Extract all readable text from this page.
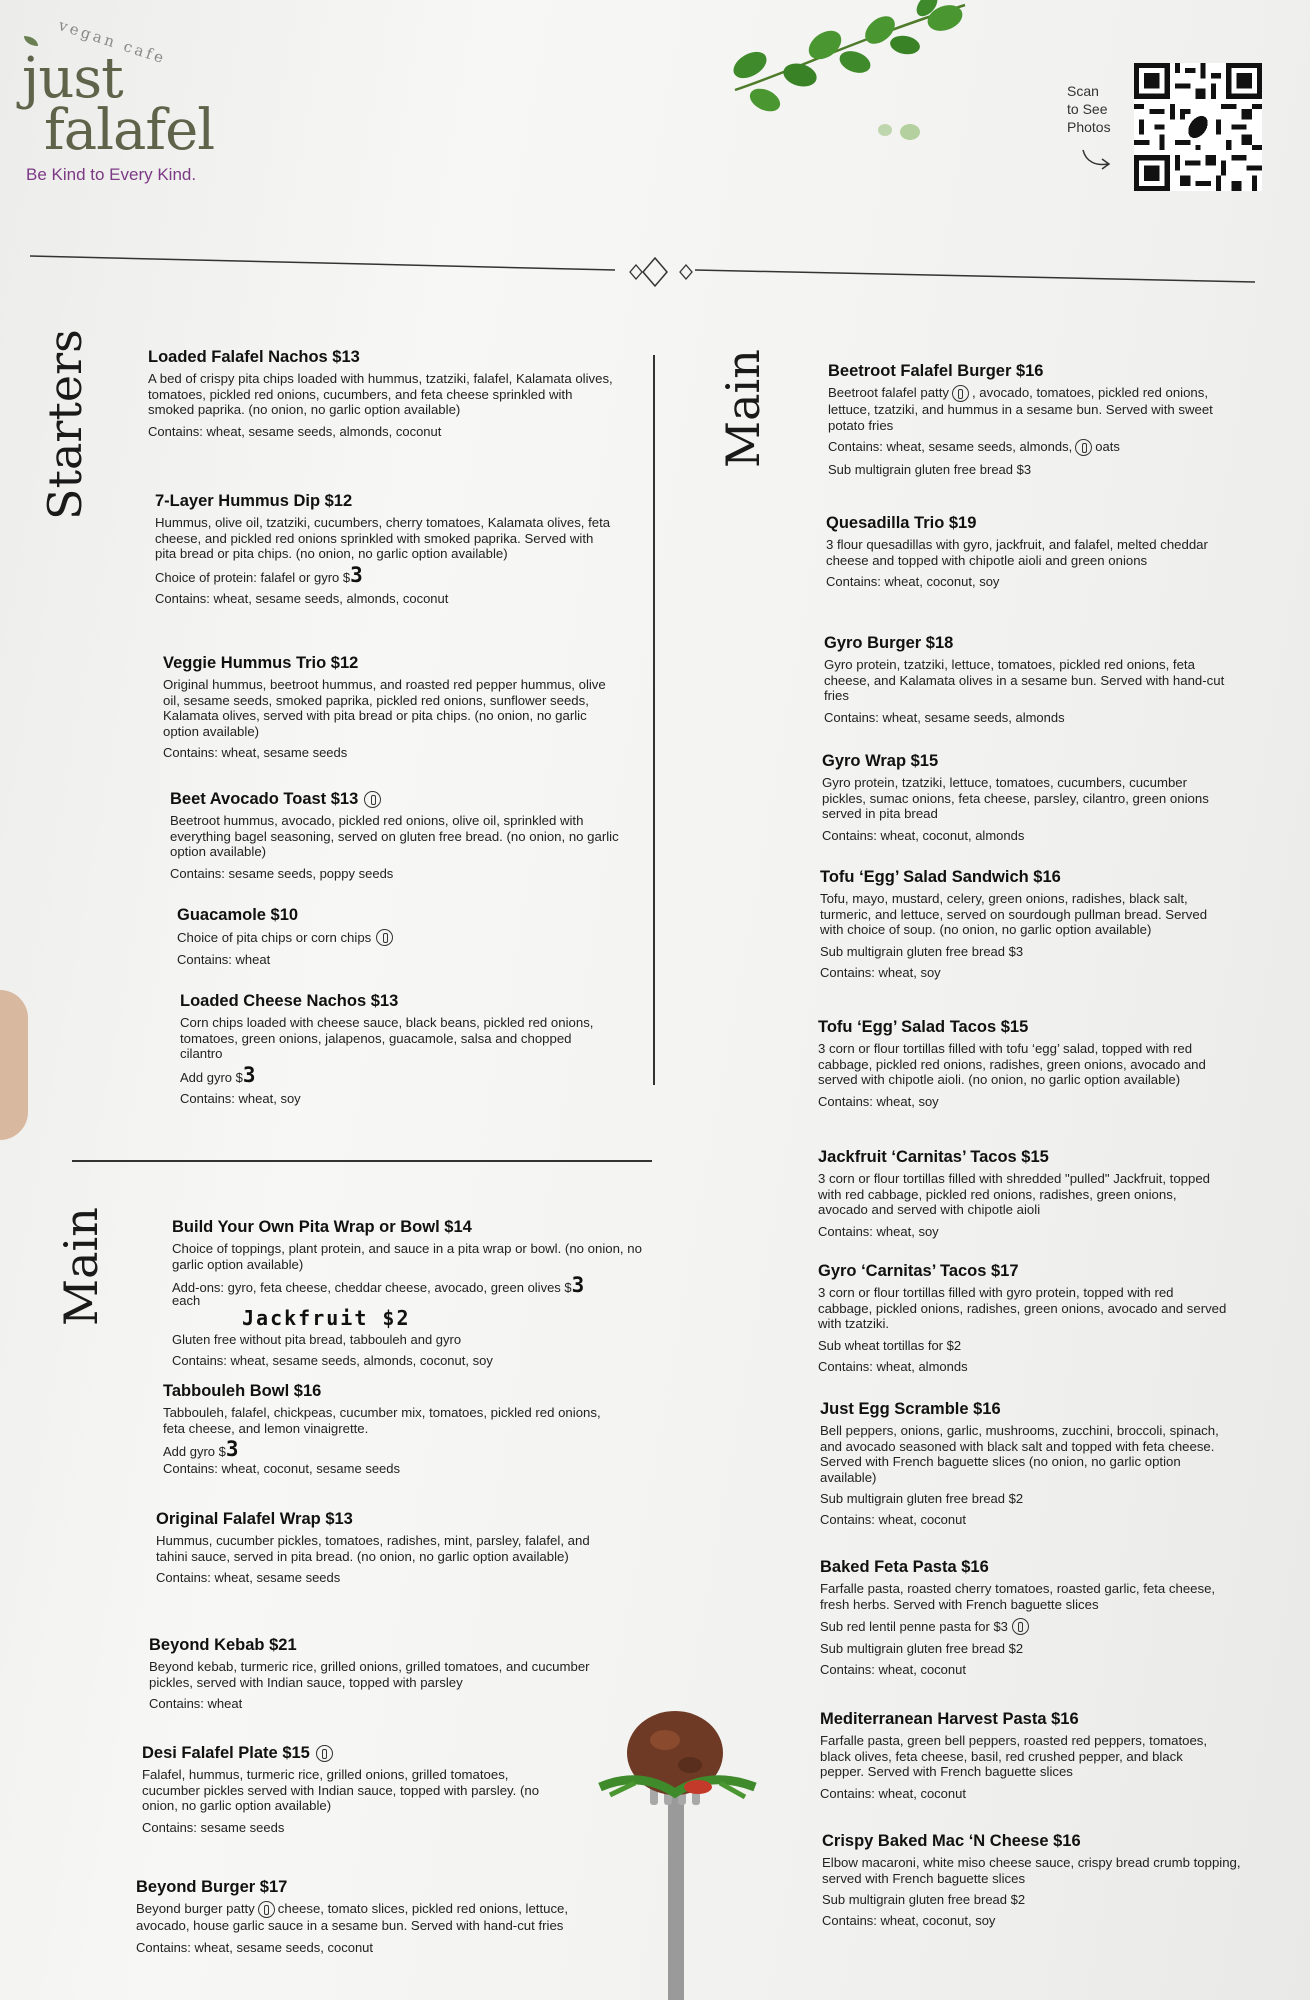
vegan cafe
just
falafel
Be Kind to Every Kind.
Scan
to See
Photos
Starters	Main
Main
Loaded Falafel Nachos $13
A bed of crispy pita chips loaded with hummus, tzatziki, falafel, Kalamata olives, tomatoes, pickled red onions, cucumbers, and feta cheese sprinkled with smoked paprika. (no onion, no garlic option available)
Contains: wheat, sesame seeds, almonds, coconut
7-Layer Hummus Dip $12
Hummus, olive oil, tzatziki, cucumbers, cherry tomatoes, Kalamata olives, feta cheese, and pickled red onions sprinkled with smoked paprika. Served with pita bread or pita chips. (no onion, no garlic option available)
Choice of protein: falafel or gyro $3
Contains: wheat, sesame seeds, almonds, coconut
Veggie Hummus Trio $12
Original hummus, beetroot hummus, and roasted red pepper hummus, olive oil, sesame seeds, smoked paprika, pickled red onions, sunflower seeds, Kalamata olives, served with pita bread or pita chips. (no onion, no garlic option available)
Contains: wheat, sesame seeds
Beet Avocado Toast $13
Beetroot hummus, avocado, pickled red onions, olive oil, sprinkled with everything bagel seasoning, served on gluten free bread. (no onion, no garlic option available)
Contains: sesame seeds, poppy seeds
Guacamole $10
Choice of pita chips or corn chips
Contains: wheat
Loaded Cheese Nachos $13
Corn chips loaded with cheese sauce, black beans, pickled red onions, tomatoes, green onions, jalapenos, guacamole, salsa and chopped cilantro
Add gyro $3
Contains: wheat, soy
Build Your Own Pita Wrap or Bowl $14
Choice of toppings, plant protein, and sauce in a pita wrap or bowl. (no onion, no garlic option available)
Add-ons: gyro, feta cheese, cheddar cheese, avocado, green olives $3
each
Jackfruit $2
Gluten free without pita bread, tabbouleh and gyro
Contains: wheat, sesame seeds, almonds, coconut, soy
Tabbouleh Bowl $16
Tabbouleh, falafel, chickpeas, cucumber mix, tomatoes, pickled red onions, feta cheese, and lemon vinaigrette.
Add gyro $3
Contains: wheat, coconut, sesame seeds
Original Falafel Wrap $13
Hummus, cucumber pickles, tomatoes, radishes, mint, parsley, falafel, and tahini sauce, served in pita bread. (no onion, no garlic option available)
Contains: wheat, sesame seeds
Beyond Kebab $21
Beyond kebab, turmeric rice, grilled onions, grilled tomatoes, and cucumber pickles, served with Indian sauce, topped with parsley
Contains: wheat
Desi Falafel Plate $15
Falafel, hummus, turmeric rice, grilled onions, grilled tomatoes, cucumber pickles served with Indian sauce, topped with parsley. (no onion, no garlic option available)
Contains: sesame seeds
Beyond Burger $17
Beyond burger patty cheese, tomato slices, pickled red onions, lettuce, avocado, house garlic sauce in a sesame bun. Served with hand-cut fries
Contains: wheat, sesame seeds, coconut
Beetroot Falafel Burger $16
Beetroot falafel patty , avocado, tomatoes, pickled red onions, lettuce, tzatziki, and hummus in a sesame bun. Served with sweet potato fries
Contains: wheat, sesame seeds, almonds, oats
Sub multigrain gluten free bread $3
Quesadilla Trio $19
3 flour quesadillas with gyro, jackfruit, and falafel, melted cheddar cheese and topped with chipotle aioli and green onions
Contains: wheat, coconut, soy
Gyro Burger $18
Gyro protein, tzatziki, lettuce, tomatoes, pickled red onions, feta cheese, and Kalamata olives in a sesame bun. Served with hand-cut fries
Contains: wheat, sesame seeds, almonds
Gyro Wrap $15
Gyro protein, tzatziki, lettuce, tomatoes, cucumbers, cucumber pickles, sumac onions, feta cheese, parsley, cilantro, green onions served in pita bread
Contains: wheat, coconut, almonds
Tofu ‘Egg’ Salad Sandwich $16
Tofu, mayo, mustard, celery, green onions, radishes, black salt, turmeric, and lettuce, served on sourdough pullman bread. Served with choice of soup. (no onion, no garlic option available)
Sub multigrain gluten free bread $3
Contains: wheat, soy
Tofu ‘Egg’ Salad Tacos $15
3 corn or flour tortillas filled with tofu ‘egg’ salad, topped with red cabbage, pickled red onions, radishes, green onions, avocado and served with chipotle aioli. (no onion, no garlic option available)
Contains: wheat, soy
Jackfruit ‘Carnitas’ Tacos $15
3 corn or flour tortillas filled with shredded "pulled" Jackfruit, topped with red cabbage, pickled red onions, radishes, green onions, avocado and served with chipotle aioli
Contains: wheat, soy
Gyro ‘Carnitas’ Tacos $17
3 corn or flour tortillas filled with gyro protein, topped with red cabbage, pickled onions, radishes, green onions, avocado and served with tzatziki.
Sub wheat tortillas for $2
Contains: wheat, almonds
Just Egg Scramble $16
Bell peppers, onions, garlic, mushrooms, zucchini, broccoli, spinach, and avocado seasoned with black salt and topped with feta cheese. Served with French baguette slices (no onion, no garlic option available)
Sub multigrain gluten free bread $2
Contains: wheat, coconut
Baked Feta Pasta $16
Farfalle pasta, roasted cherry tomatoes, roasted garlic, feta cheese, fresh herbs. Served with French baguette slices
Sub red lentil penne pasta for $3
Sub multigrain gluten free bread $2
Contains: wheat, coconut
Mediterranean Harvest Pasta $16
Farfalle pasta, green bell peppers, roasted red peppers, tomatoes, black olives, feta cheese, basil, red crushed pepper, and black pepper. Served with French baguette slices
Contains: wheat, coconut
Crispy Baked Mac ‘N Cheese $16
Elbow macaroni, white miso cheese sauce, crispy bread crumb topping, served with French baguette slices
Sub multigrain gluten free bread $2
Contains: wheat, coconut, soy
